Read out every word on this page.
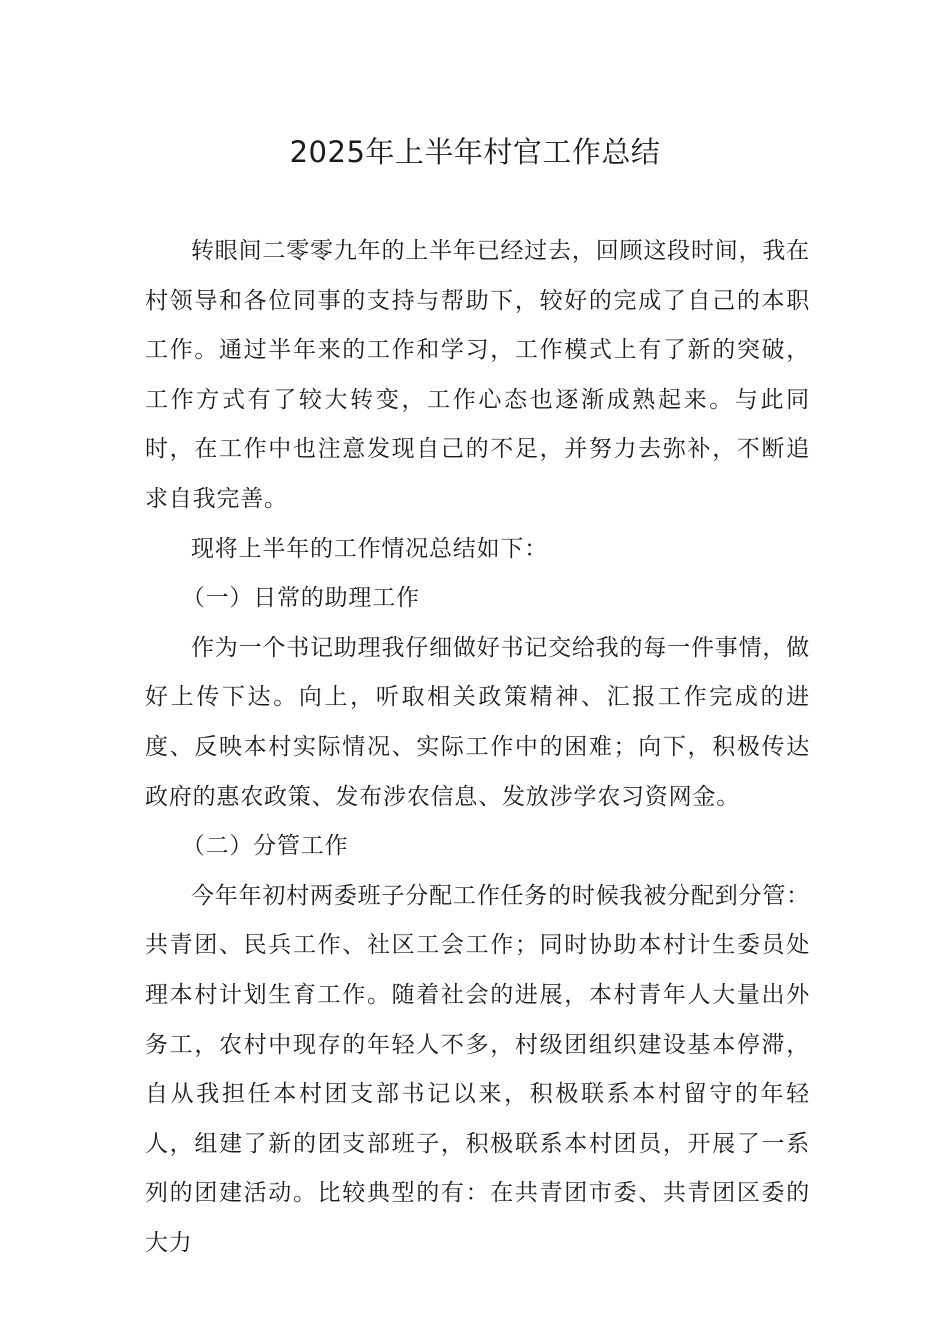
2025年上半年村官工作总结

转眼间二零零九年的上半年已经过去，回顾这段时间，我在村领导和各位同事的支持与帮助下，较好的完成了自己的本职工作。通过半年来的工作和学习，工作模式上有了新的突破，工作方式有了较大转变，工作心态也逐渐成熟起来。与此同时，在工作中也注意发现自己的不足，并努力去弥补，不断追求自我完善。

现将上半年的工作情况总结如下：

（一）日常的助理工作

作为一个书记助理我仔细做好书记交给我的每一件事情，做好上传下达。向上，听取相关政策精神、汇报工作完成的进度、反映本村实际情况、实际工作中的困难；向下，积极传达政府的惠农政策、发布涉农信息、发放涉学农习资网金。

（二）分管工作

今年年初村两委班子分配工作任务的时候我被分配到分管：共青团、民兵工作、社区工会工作；同时协助本村计生委员处理本村计划生育工作。随着社会的进展，本村青年人大量出外务工，农村中现存的年轻人不多，村级团组织建设基本停滞，自从我担任本村团支部书记以来，积极联系本村留守的年轻人，组建了新的团支部班子，积极联系本村团员，开展了一系列的团建活动。比较典型的有：在共青团市委、共青团区委的大力
